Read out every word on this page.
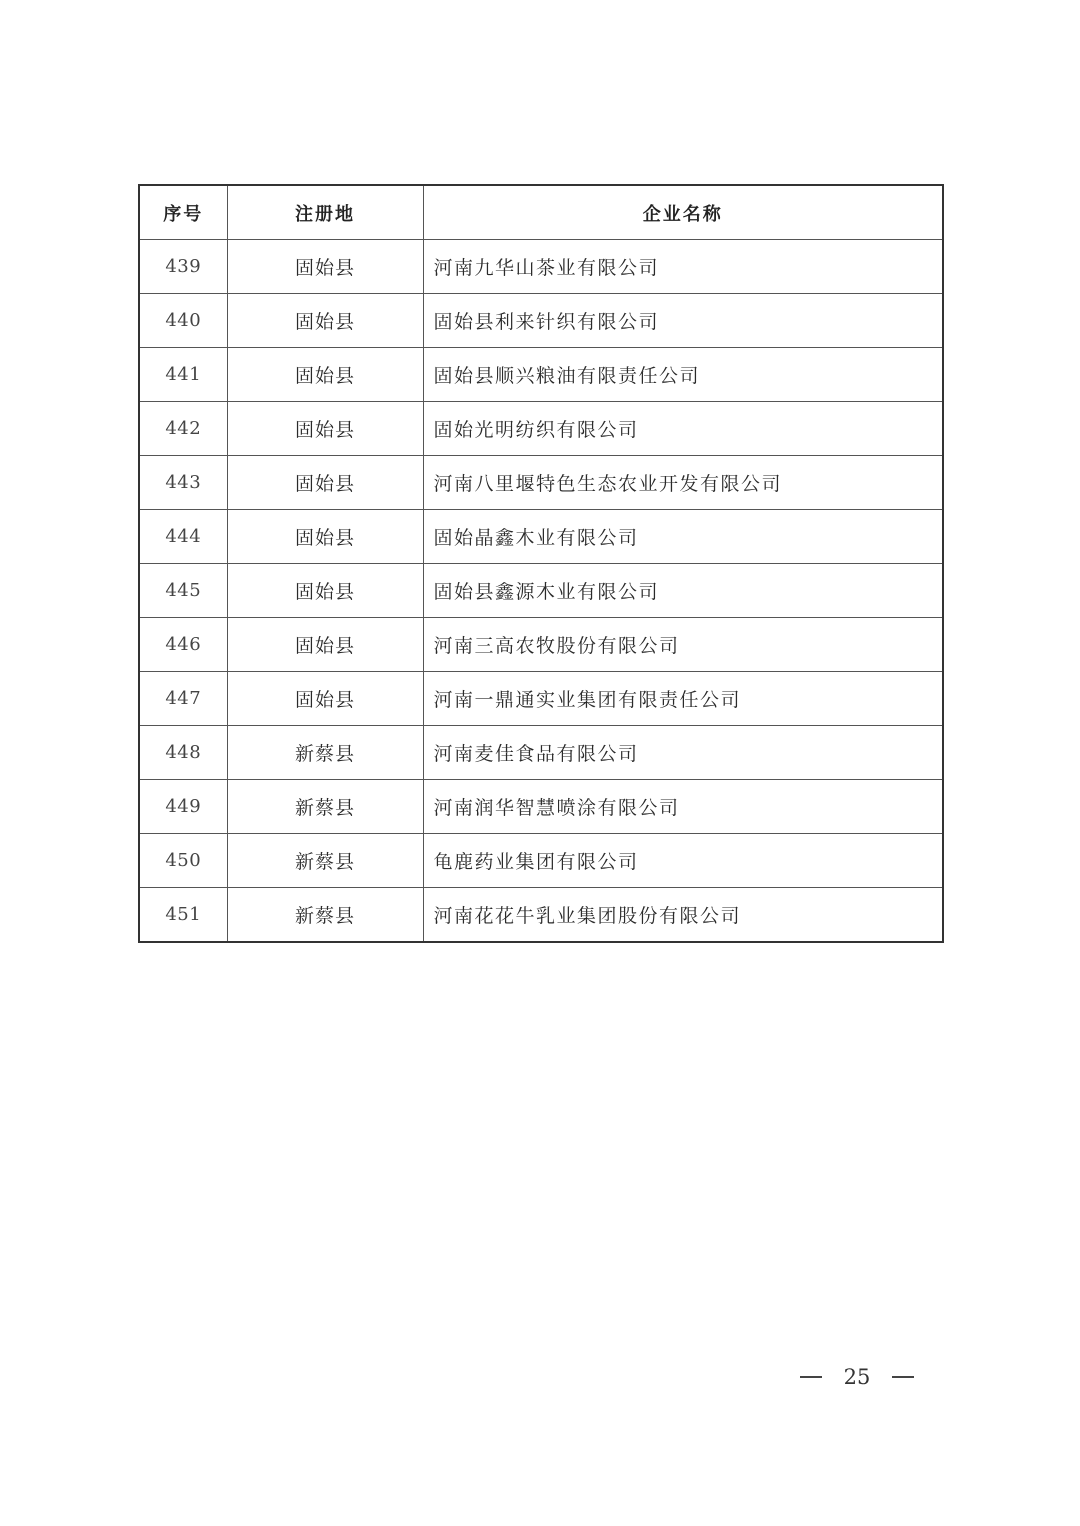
序号	注册地	企业名称
439	固始县	河南九华山茶业有限公司
440	固始县	固始县利来针织有限公司
441	固始县	固始县顺兴粮油有限责任公司
442	固始县	固始光明纺织有限公司
443	固始县	河南八里堰特色生态农业开发有限公司
444	固始县	固始晶鑫木业有限公司
445	固始县	固始县鑫源木业有限公司
446	固始县	河南三高农牧股份有限公司
447	固始县	河南一鼎通实业集团有限责任公司
448	新蔡县	河南麦佳食品有限公司
449	新蔡县	河南润华智慧喷涂有限公司
450	新蔡县	龟鹿药业集团有限公司
451	新蔡县	河南花花牛乳业集团股份有限公司
25
